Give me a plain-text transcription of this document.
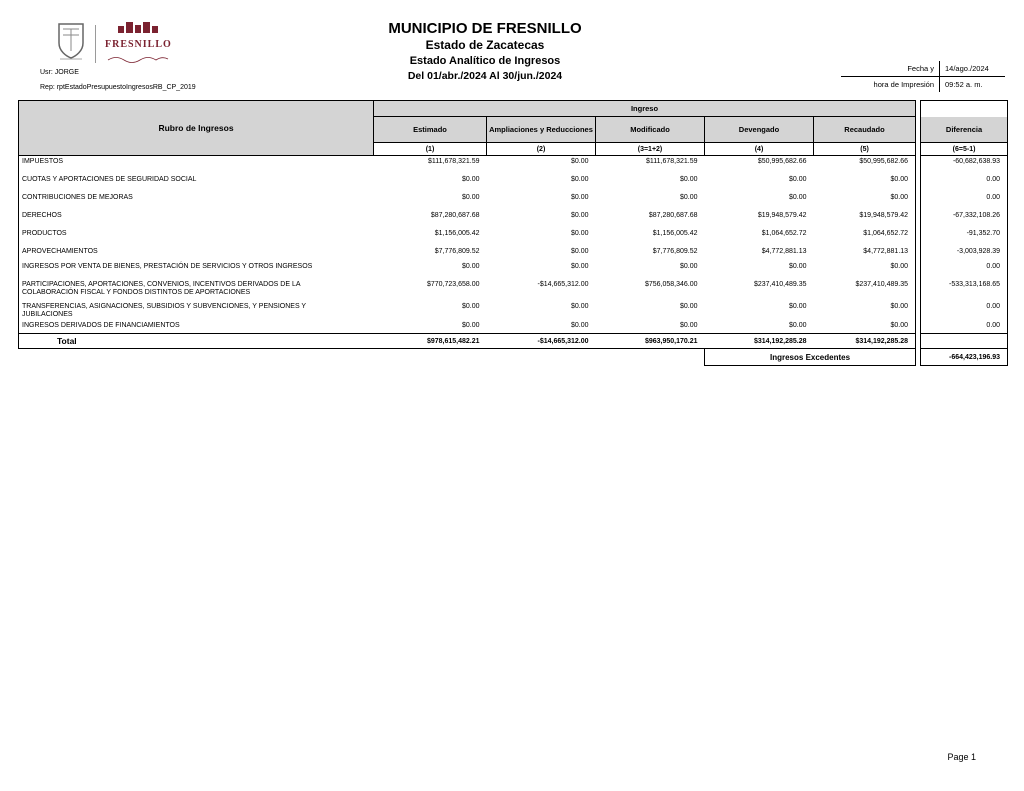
FRESNILLO
MUNICIPIO DE FRESNILLO
Estado de Zacatecas
Estado Analítico de Ingresos
Del 01/abr./2024 Al 30/jun./2024
Usr: JORGE
Rep: rptEstadoPresupuestoIngresosRB_CP_2019
Fecha y	14/ago./2024
hora de Impresión	09:52 a. m.
Rubro de Ingresos	Ingreso						
	Estimado	Ampliaciones y Reducciones	Modificado	Devengado	Recaudado		Diferencia
	(1)	(2)	(3=1+2)	(4)	(5)		(6=5-1)
IMPUESTOS	$111,678,321.59	$0.00	$111,678,321.59	$50,995,682.66	$50,995,682.66		-60,682,638.93
CUOTAS Y APORTACIONES DE SEGURIDAD SOCIAL	$0.00	$0.00	$0.00	$0.00	$0.00		0.00
CONTRIBUCIONES DE MEJORAS	$0.00	$0.00	$0.00	$0.00	$0.00		0.00
DERECHOS	$87,280,687.68	$0.00	$87,280,687.68	$19,948,579.42	$19,948,579.42		-67,332,108.26
PRODUCTOS	$1,156,005.42	$0.00	$1,156,005.42	$1,064,652.72	$1,064,652.72		-91,352.70
APROVECHAMIENTOS	$7,776,809.52	$0.00	$7,776,809.52	$4,772,881.13	$4,772,881.13		-3,003,928.39
INGRESOS POR VENTA DE BIENES, PRESTACIÓN DE SERVICIOS Y OTROS INGRESOS	$0.00	$0.00	$0.00	$0.00	$0.00		0.00
PARTICIPACIONES, APORTACIONES, CONVENIOS, INCENTIVOS DERIVADOS DE LA COLABORACIÓN FISCAL Y FONDOS DISTINTOS DE APORTACIONES	$770,723,658.00	-$14,665,312.00	$756,058,346.00	$237,410,489.35	$237,410,489.35		-533,313,168.65
TRANSFERENCIAS, ASIGNACIONES, SUBSIDIOS Y SUBVENCIONES, Y PENSIONES Y JUBILACIONES	$0.00	$0.00	$0.00	$0.00	$0.00		0.00
INGRESOS DERIVADOS DE FINANCIAMIENTOS	$0.00	$0.00	$0.00	$0.00	$0.00		0.00
Total	$978,615,482.21	-$14,665,312.00	$963,950,170.21	$314,192,285.28	$314,192,285.28		
				Ingresos Excedentes			-664,423,196.93
Page 1
